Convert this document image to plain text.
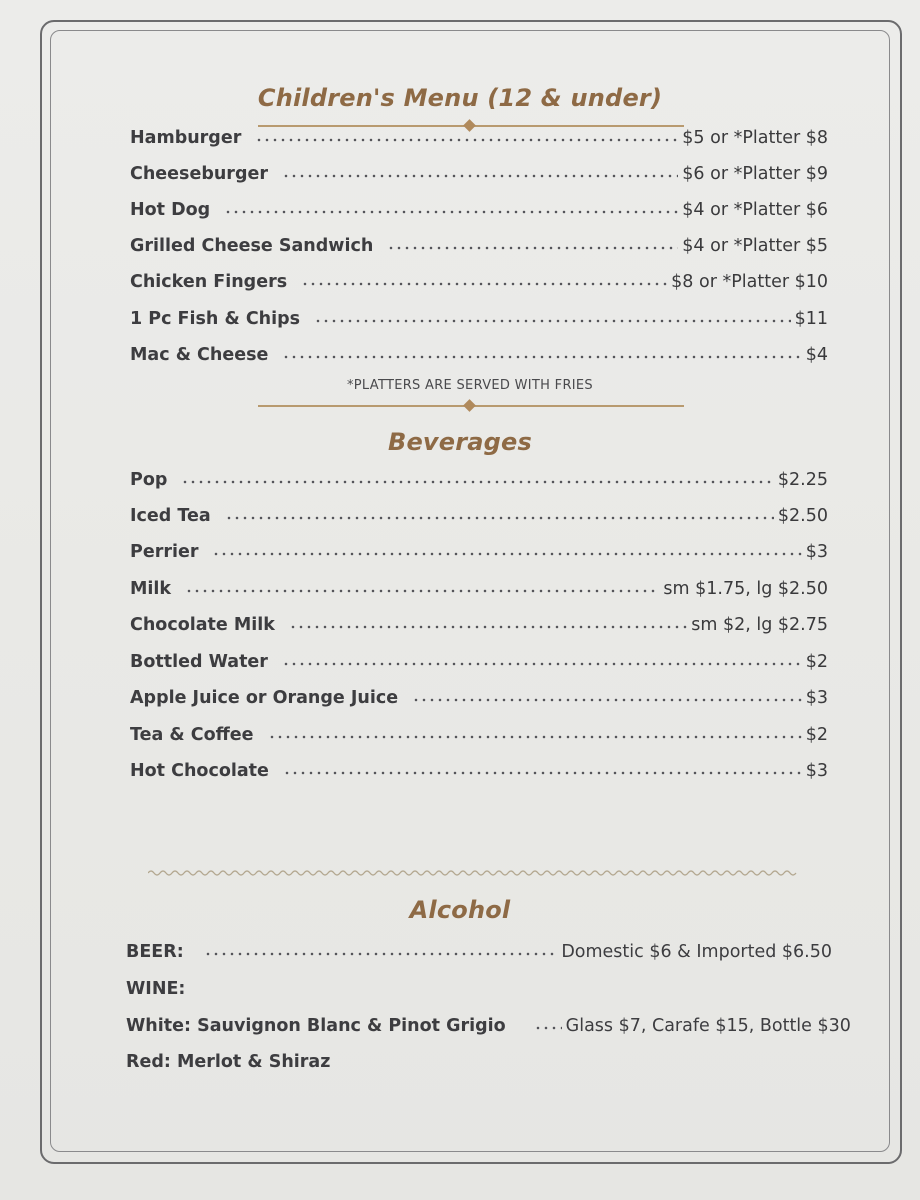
Children's Menu (12 & under)
Hamburger	$5 or *Platter $8
Cheeseburger	$6 or *Platter $9
Hot Dog	$4 or *Platter $6
Grilled Cheese Sandwich	$4 or *Platter $5
Chicken Fingers	$8 or *Platter $10
1 Pc Fish & Chips	$11
Mac & Cheese	$4
*PLATTERS ARE SERVED WITH FRIES
Beverages
Pop	$2.25
Iced Tea	$2.50
Perrier	$3
Milk	sm $1.75, lg $2.50
Chocolate Milk	sm $2, lg $2.75
Bottled Water	$2
Apple Juice or Orange Juice	$3
Tea & Coffee	$2
Hot Chocolate	$3
Alcohol
BEER:	Domestic $6 & Imported $6.50
WINE:
White: Sauvignon Blanc & Pinot Grigio	Glass $7, Carafe $15, Bottle $30
Red: Merlot & Shiraz
